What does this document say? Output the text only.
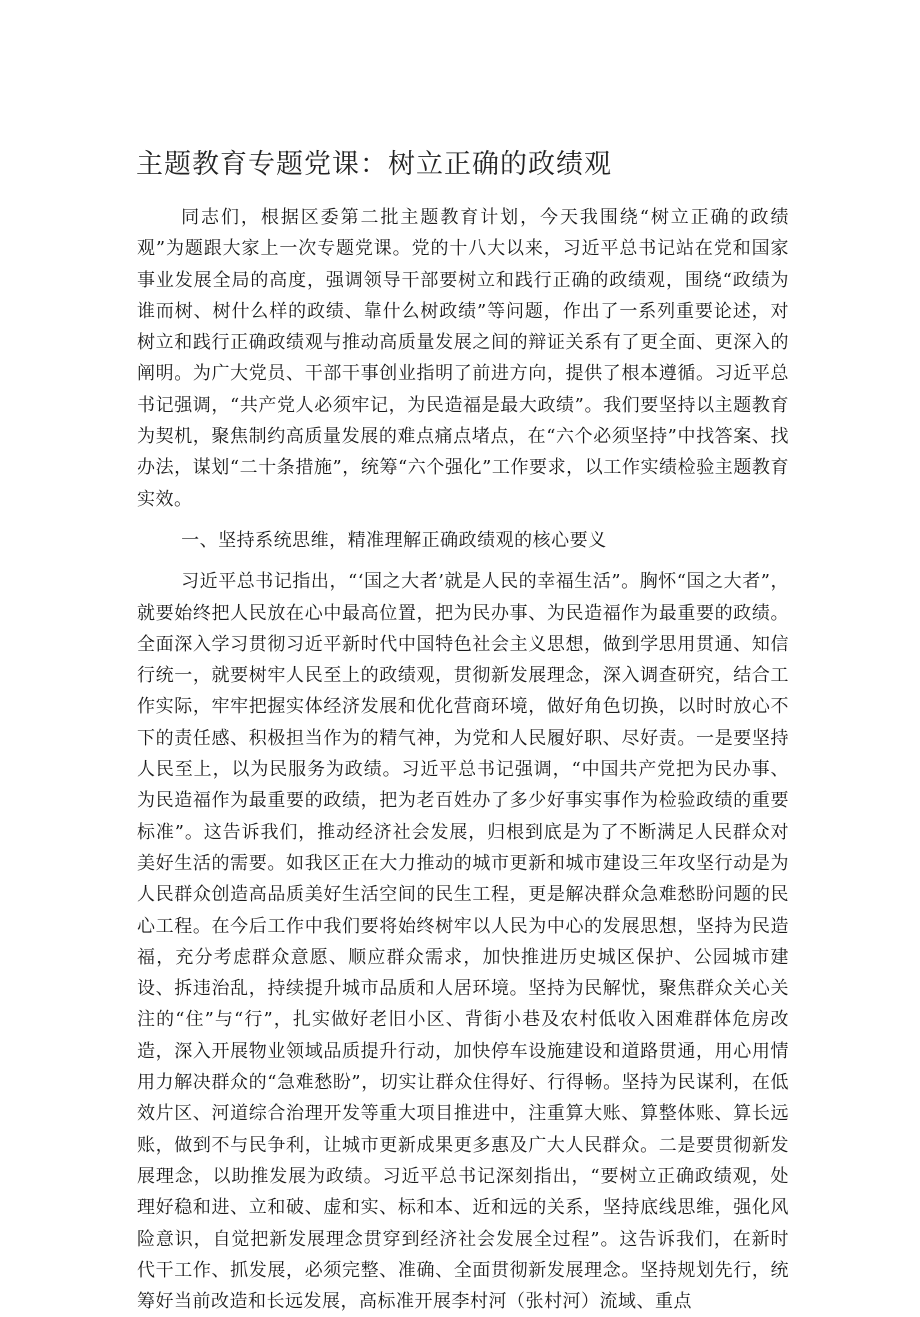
主题教育专题党课：树立正确的政绩观

同志们，根据区委第二批主题教育计划，今天我围绕“树立正确的政绩观”为题跟大家上一次专题党课。党的十八大以来，习近平总书记站在党和国家事业发展全局的高度，强调领导干部要树立和践行正确的政绩观，围绕“政绩为谁而树、树什么样的政绩、靠什么树政绩”等问题，作出了一系列重要论述，对树立和践行正确政绩观与推动高质量发展之间的辩证关系有了更全面、更深入的阐明。为广大党员、干部干事创业指明了前进方向，提供了根本遵循。习近平总书记强调，“共产党人必须牢记，为民造福是最大政绩”。我们要坚持以主题教育为契机，聚焦制约高质量发展的难点痛点堵点，在“六个必须坚持”中找答案、找办法，谋划“二十条措施”，统筹“六个强化”工作要求，以工作实绩检验主题教育实效。

一、坚持系统思维，精准理解正确政绩观的核心要义

习近平总书记指出，“‘国之大者’就是人民的幸福生活”。胸怀“国之大者”，就要始终把人民放在心中最高位置，把为民办事、为民造福作为最重要的政绩。全面深入学习贯彻习近平新时代中国特色社会主义思想，做到学思用贯通、知信行统一，就要树牢人民至上的政绩观，贯彻新发展理念，深入调查研究，结合工作实际，牢牢把握实体经济发展和优化营商环境，做好角色切换，以时时放心不下的责任感、积极担当作为的精气神，为党和人民履好职、尽好责。一是要坚持人民至上，以为民服务为政绩。习近平总书记强调，“中国共产党把为民办事、为民造福作为最重要的政绩，把为老百姓办了多少好事实事作为检验政绩的重要标准”。这告诉我们，推动经济社会发展，归根到底是为了不断满足人民群众对美好生活的需要。如我区正在大力推动的城市更新和城市建设三年攻坚行动是为人民群众创造高品质美好生活空间的民生工程，更是解决群众急难愁盼问题的民心工程。在今后工作中我们要将始终树牢以人民为中心的发展思想，坚持为民造福，充分考虑群众意愿、顺应群众需求，加快推进历史城区保护、公园城市建设、拆违治乱，持续提升城市品质和人居环境。坚持为民解忧，聚焦群众关心关注的“住”与“行”，扎实做好老旧小区、背街小巷及农村低收入困难群体危房改造，深入开展物业领域品质提升行动，加快停车设施建设和道路贯通，用心用情用力解决群众的“急难愁盼”，切实让群众住得好、行得畅。坚持为民谋利，在低效片区、河道综合治理开发等重大项目推进中，注重算大账、算整体账、算长远账，做到不与民争利，让城市更新成果更多惠及广大人民群众。二是要贯彻新发展理念，以助推发展为政绩。习近平总书记深刻指出，“要树立正确政绩观，处理好稳和进、立和破、虚和实、标和本、近和远的关系，坚持底线思维，强化风险意识，自觉把新发展理念贯穿到经济社会发展全过程”。这告诉我们，在新时代干工作、抓发展，必须完整、准确、全面贯彻新发展理念。坚持规划先行，统筹好当前改造和长远发展，高标准开展李村河（张村河）流域、重点
